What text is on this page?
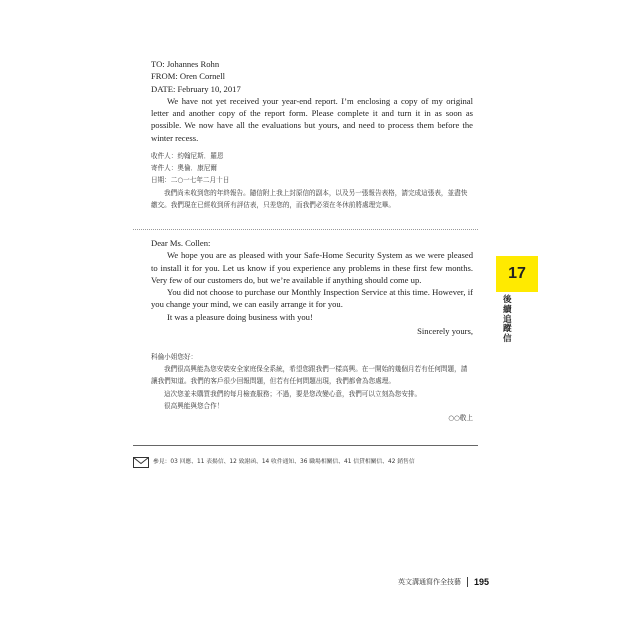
TO: Johannes Rohn

FROM: Oren Cornell

DATE: February 10, 2017

We have not yet received your year-end report. I’m enclosing a copy of my original letter and another copy of the report form. Please complete it and turn it in as soon as possible. We now have all the evaluations but yours, and need to process them before the winter recess.

收件人：約翰尼斯．羅恩

寄件人：奧倫．康尼爾

日期：二○一七年二月十日

我們尚未收到您的年終報告。隨信附上我上封原信的副本，以及另一張報告表格，請完成這張表，並盡快繳交。我們現在已經收到所有評估表，只差您的，而我們必須在冬休前將處理完畢。

Dear Ms. Collen:

We hope you are as pleased with your Safe-Home Security System as we were pleased to install it for you. Let us know if you experience any problems in these first few months. Very few of our customers do, but we’re available if anything should come up.

You did not choose to purchase our Monthly Inspection Service at this time. However, if you change your mind, we can easily arrange it for you.

It was a pleasure doing business with you!

Sincerely yours,

科倫小姐您好：

我們很高興能為您安裝安全家庭保全系統，希望您跟我們一樣高興。在一開始的幾個月若有任何問題，請讓我們知道。我們的客戶很少回報問題，但若有任何問題出現，我們都會為您處理。

這次您並未購買我們的每月檢查服務；不過，要是您改變心意，我們可以立刻為您安排。

很高興能與您合作！

○○敬上

參見：03 回應、11 表揚信、12 致謝函、14 收件通知、36 職場相關信、41 信貸相關信、42 銷售信
17
後續追蹤信
英文溝通寫作全技藝 195
